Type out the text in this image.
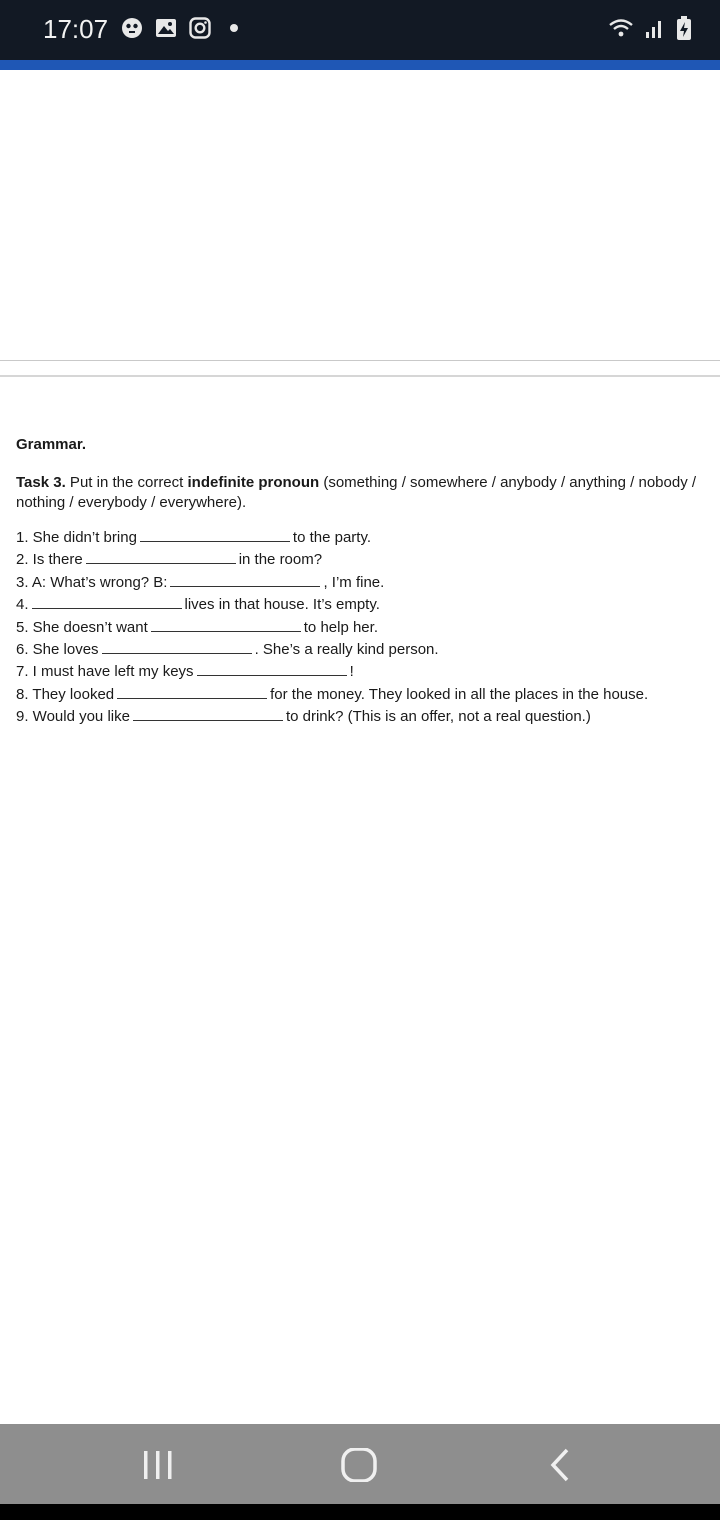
17:07

Grammar.

Task 3. Put in the correct indefinite pronoun (something / somewhere / anybody / anything / nobody / nothing / everybody / everywhere).
1. She didn’t bring	to the party.
2. Is there	in the room?
3. A: What’s wrong? B:	, I’m fine.
4.	lives in that house. It’s empty.
5. She doesn’t want	to help her.
6. She loves	. She’s a really kind person.
7. I must have left my keys	!
8. They looked	for the money. They looked in all the places in the house.
9. Would you like	to drink? (This is an offer, not a real question.)
